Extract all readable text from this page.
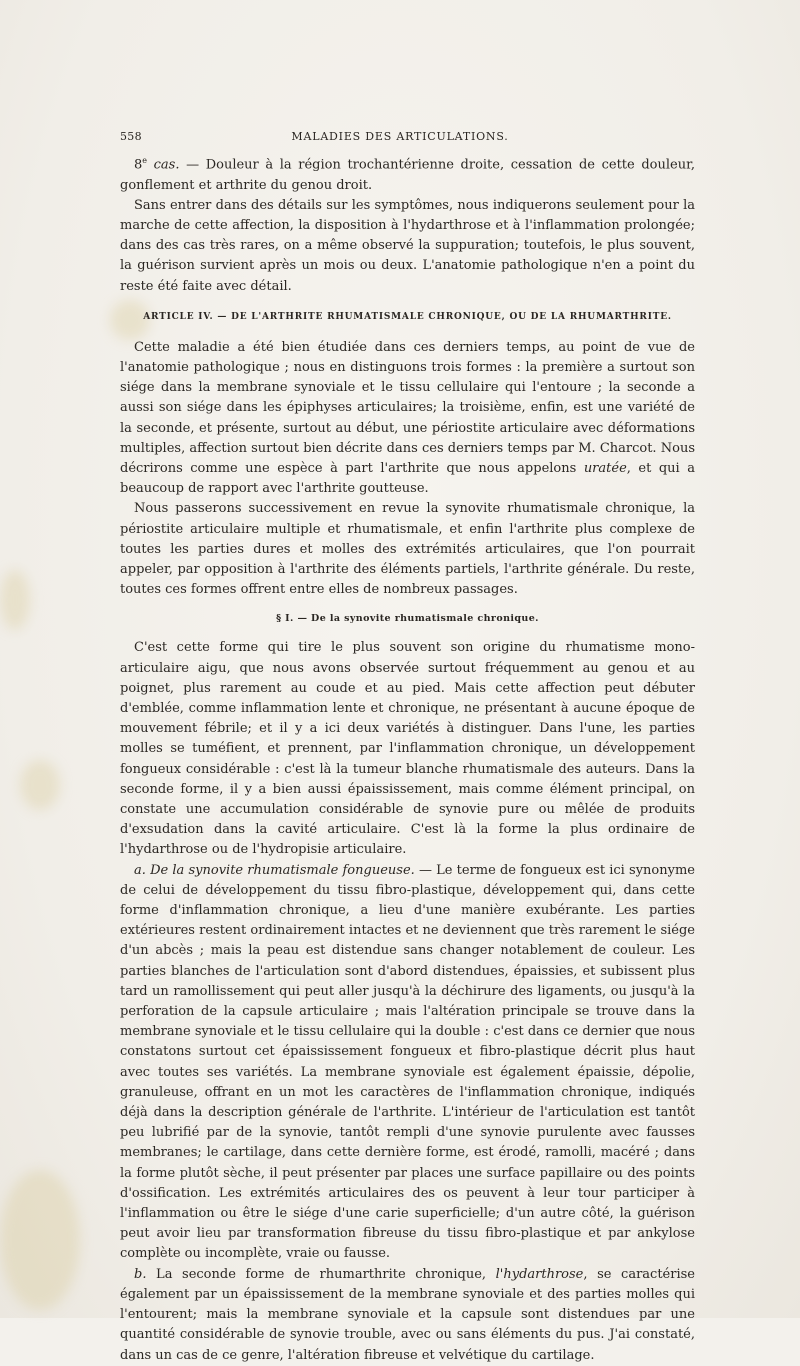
558	MALADIES DES ARTICULATIONS.

8e cas. — Douleur à la région trochantérienne droite, cessation de cette douleur, gonflement et arthrite du genou droit.

Sans entrer dans des détails sur les symptômes, nous indiquerons seulement pour la marche de cette affection, la disposition à l'hydarthrose et à l'inflammation prolongée; dans des cas très rares, on a même observé la suppuration; toutefois, le plus souvent, la guérison survient après un mois ou deux. L'anatomie pathologique n'en a point du reste été faite avec détail.

ARTICLE IV. — DE L'ARTHRITE RHUMATISMALE CHRONIQUE, OU DE LA RHUMARTHRITE.

Cette maladie a été bien étudiée dans ces derniers temps, au point de vue de l'anatomie pathologique ; nous en distinguons trois formes : la première a surtout son siége dans la membrane synoviale et le tissu cellulaire qui l'entoure ; la seconde a aussi son siége dans les épiphyses articulaires; la troisième, enfin, est une variété de la seconde, et présente, surtout au début, une périostite articulaire avec déformations multiples, affection surtout bien décrite dans ces derniers temps par M. Charcot. Nous décrirons comme une espèce à part l'arthrite que nous appelons uratée, et qui a beaucoup de rapport avec l'arthrite goutteuse.

Nous passerons successivement en revue la synovite rhumatismale chronique, la périostite articulaire multiple et rhumatismale, et enfin l'arthrite plus complexe de toutes les parties dures et molles des extrémités articulaires, que l'on pourrait appeler, par opposition à l'arthrite des éléments partiels, l'arthrite générale. Du reste, toutes ces formes offrent entre elles de nombreux passages.

§ I. — De la synovite rhumatismale chronique.

C'est cette forme qui tire le plus souvent son origine du rhumatisme mono-articulaire aigu, que nous avons observée surtout fréquemment au genou et au poignet, plus rarement au coude et au pied. Mais cette affection peut débuter d'emblée, comme inflammation lente et chronique, ne présentant à aucune époque de mouvement fébrile; et il y a ici deux variétés à distinguer. Dans l'une, les parties molles se tuméfient, et prennent, par l'inflammation chronique, un développement fongueux considérable : c'est là la tumeur blanche rhumatismale des auteurs. Dans la seconde forme, il y a bien aussi épaississement, mais comme élément principal, on constate une accumulation considérable de synovie pure ou mêlée de produits d'exsudation dans la cavité articulaire. C'est là la forme la plus ordinaire de l'hydarthrose ou de l'hydropisie articulaire.

a. De la synovite rhumatismale fongueuse. — Le terme de fongueux est ici synonyme de celui de développement du tissu fibro-plastique, développement qui, dans cette forme d'inflammation chronique, a lieu d'une manière exubérante. Les parties extérieures restent ordinairement intactes et ne deviennent que très rarement le siége d'un abcès ; mais la peau est distendue sans changer notablement de couleur. Les parties blanches de l'articulation sont d'abord distendues, épaissies, et subissent plus tard un ramollissement qui peut aller jusqu'à la déchirure des ligaments, ou jusqu'à la perforation de la capsule articulaire ; mais l'altération principale se trouve dans la membrane synoviale et le tissu cellulaire qui la double : c'est dans ce dernier que nous constatons surtout cet épaississement fongueux et fibro-plastique décrit plus haut avec toutes ses variétés. La membrane synoviale est également épaissie, dépolie, granuleuse, offrant en un mot les caractères de l'inflammation chronique, indiqués déjà dans la description générale de l'arthrite. L'intérieur de l'articulation est tantôt peu lubrifié par de la synovie, tantôt rempli d'une synovie purulente avec fausses membranes; le cartilage, dans cette dernière forme, est érodé, ramolli, macéré ; dans la forme plutôt sèche, il peut présenter par places une surface papillaire ou des points d'ossification. Les extrémités articulaires des os peuvent à leur tour participer à l'inflammation ou être le siége d'une carie superficielle; d'un autre côté, la guérison peut avoir lieu par transformation fibreuse du tissu fibro-plastique et par ankylose complète ou incomplète, vraie ou fausse.

b. La seconde forme de rhumarthrite chronique, l'hydarthrose, se caractérise également par un épaississement de la membrane synoviale et des parties molles qui l'entourent; mais la membrane synoviale et la capsule sont distendues par une quantité considérable de synovie trouble, avec ou sans éléments du pus. J'ai constaté, dans un cas de ce genre, l'altération fibreuse et velvétique du cartilage.
